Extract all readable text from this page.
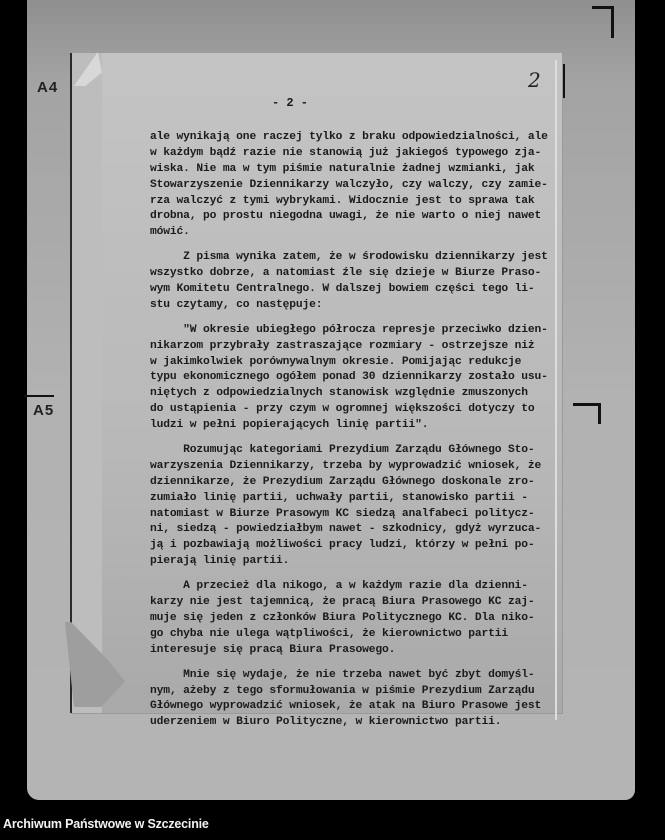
A4
A5
2
- 2 -
ale wynikają one raczej tylko z braku odpowiedzialności, ale
w każdym bądź razie nie stanowią już jakiegoś typowego zja-
wiska. Nie ma w tym piśmie naturalnie żadnej wzmianki, jak
Stowarzyszenie Dziennikarzy walczyło, czy walczy, czy zamie-
rza walczyć z tymi wybrykami. Widocznie jest to sprawa tak
drobna, po prostu niegodna uwagi, że nie warto o niej nawet
mówić.
Z pisma wynika zatem, że w środowisku dziennikarzy jest
wszystko dobrze, a natomiast źle się dzieje w Biurze Praso-
wym Komitetu Centralnego. W dalszej bowiem części tego li-
stu czytamy, co następuje:
"W okresie ubiegłego półrocza represje przeciwko dzien-
nikarzom przybrały zastraszające rozmiary - ostrzejsze niż
w jakimkolwiek porównywalnym okresie. Pomijając redukcje
typu ekonomicznego ogółem ponad 30 dziennikarzy zostało usu-
niętych z odpowiedzialnych stanowisk względnie zmuszonych
do ustąpienia - przy czym w ogromnej większości dotyczy to
ludzi w pełni popierających linię partii".
Rozumując kategoriami Prezydium Zarządu Głównego Sto-
warzyszenia Dziennikarzy, trzeba by wyprowadzić wniosek, że
dziennikarze, że Prezydium Zarządu Głównego doskonale zro-
zumiało linię partii, uchwały partii, stanowisko partii -
natomiast w Biurze Prasowym KC siedzą analfabeci politycz-
ni, siedzą - powiedziałbym nawet - szkodnicy, gdyż wyrzuca-
ją i pozbawiają możliwości pracy ludzi, którzy w pełni po-
pierają linię partii.
A przecież dla nikogo, a w każdym razie dla dzienni-
karzy nie jest tajemnicą, że pracą Biura Prasowego KC zaj-
muje się jeden z członków Biura Politycznego KC. Dla niko-
go chyba nie ulega wątpliwości, że kierownictwo partii
interesuje się pracą Biura Prasowego.
Mnie się wydaje, że nie trzeba nawet być zbyt domyśl-
nym, ażeby z tego sformułowania w piśmie Prezydium Zarządu
Głównego wyprowadzić wniosek, że atak na Biuro Prasowe jest
uderzeniem w Biuro Polityczne, w kierownictwo partii.
Archiwum Państwowe w Szczecinie
